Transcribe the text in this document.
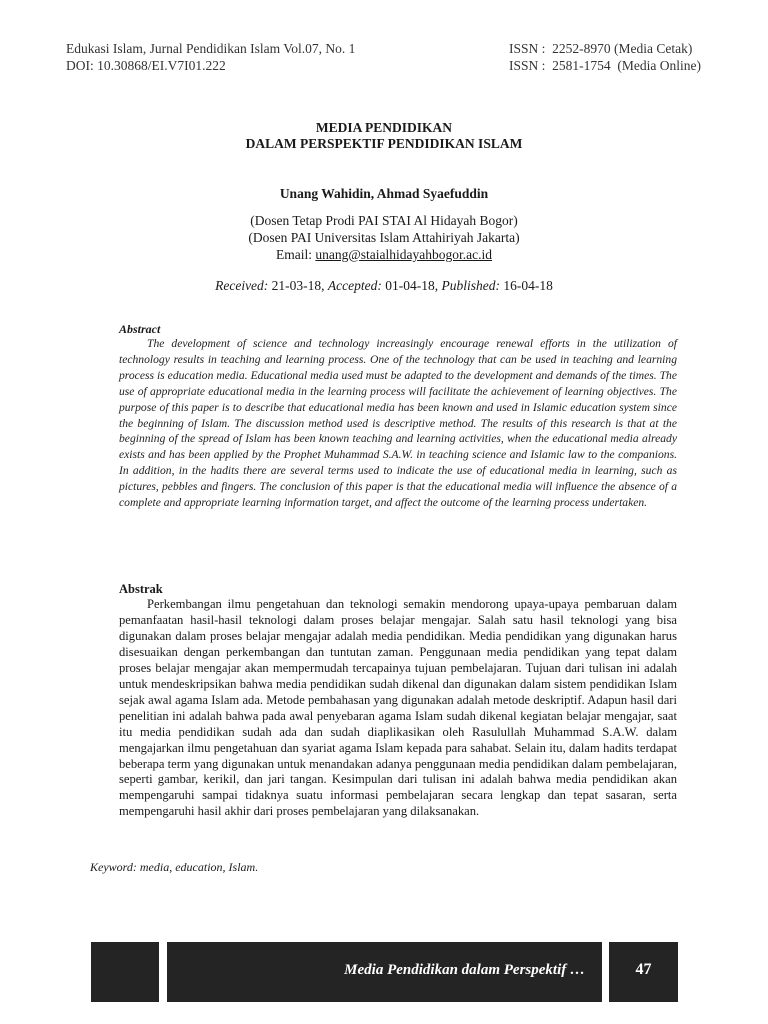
Edukasi Islam, Jurnal Pendidikan Islam Vol.07, No. 1
DOI: 10.30868/EI.V7I01.222
ISSN :  2252-8970 (Media Cetak)
ISSN :  2581-1754  (Media Online)
MEDIA PENDIDIKAN
DALAM PERSPEKTIF PENDIDIKAN ISLAM
Unang Wahidin, Ahmad Syaefuddin
(Dosen Tetap Prodi PAI STAI Al Hidayah Bogor)
(Dosen PAI Universitas Islam Attahiriyah Jakarta)
Email: unang@staialhidayahbogor.ac.id
Received: 21-03-18, Accepted: 01-04-18, Published: 16-04-18
Abstract

The development of science and technology increasingly encourage renewal efforts in the utilization of technology results in teaching and learning process. One of the technology that can be used in teaching and learning process is education media. Educational media used must be adapted to the development and demands of the times. The use of appropriate educational media in the learning process will facilitate the achievement of learning objectives. The purpose of this paper is to describe that educational media has been known and used in Islamic education system since the beginning of Islam. The discussion method used is descriptive method. The results of this research is that at the beginning of the spread of Islam has been known teaching and learning activities, when the educational media already exists and has been applied by the Prophet Muhammad S.A.W. in teaching science and Islamic law to the companions. In addition, in the hadits there are several terms used to indicate the use of educational media in learning, such as pictures, pebbles and fingers. The conclusion of this paper is that the educational media will influence the absence of a complete and appropriate learning information target, and affect the outcome of the learning process undertaken.

Abstrak

Perkembangan ilmu pengetahuan dan teknologi semakin mendorong upaya-upaya pembaruan dalam pemanfaatan hasil-hasil teknologi dalam proses belajar mengajar. Salah satu hasil teknologi yang bisa digunakan dalam proses belajar mengajar adalah media pendidikan. Media pendidikan yang digunakan harus disesuaikan dengan perkembangan dan tuntutan zaman. Penggunaan media pendidikan yang tepat dalam proses belajar mengajar akan mempermudah tercapainya tujuan pembelajaran. Tujuan dari tulisan ini adalah untuk mendeskripsikan bahwa media pendidikan sudah dikenal dan digunakan dalam sistem pendidikan Islam sejak awal agama Islam ada. Metode pembahasan yang digunakan adalah metode deskriptif. Adapun hasil dari penelitian ini adalah bahwa pada awal penyebaran agama Islam sudah dikenal kegiatan belajar mengajar, saat itu media pendidikan sudah ada dan sudah diaplikasikan oleh Rasulullah Muhammad S.A.W. dalam mengajarkan ilmu pengetahuan dan syariat agama Islam kepada para sahabat. Selain itu, dalam hadits terdapat beberapa term yang digunakan untuk menandakan adanya penggunaan media pendidikan dalam pembelajaran, seperti gambar, kerikil, dan jari tangan. Kesimpulan dari tulisan ini adalah bahwa media pendidikan akan mempengaruhi sampai tidaknya suatu informasi pembelajaran secara lengkap dan tepat sasaran, serta mempengaruhi hasil akhir dari proses pembelajaran yang dilaksanakan.

Keyword: media, education, Islam.
Media Pendidikan dalam Perspektif …	47
